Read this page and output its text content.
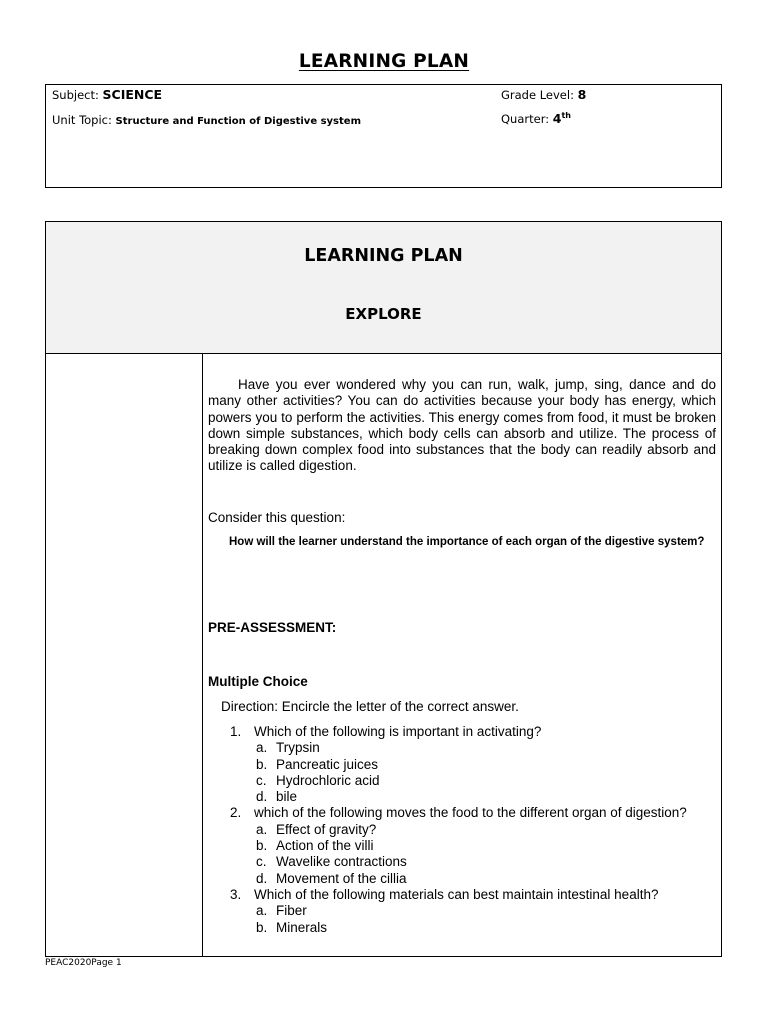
LEARNING PLAN
Subject: SCIENCE	Grade Level: 8
Unit Topic: Structure and Function of Digestive system	Quarter: 4th
LEARNING PLAN
EXPLORE

Have you ever wondered why you can run, walk, jump, sing, dance and do many other activities? You can do activities because your body has energy, which powers you to perform the activities. This energy comes from food, it must be broken down simple substances, which body cells can absorb and utilize. The process of breaking down complex food into substances that the body can readily absorb and utilize is called digestion.

Consider this question:

How will the learner understand the importance of each organ of the digestive system?

PRE-ASSESSMENT:

Multiple Choice

Direction: Encircle the letter of the correct answer.

1. Which of the following is important in activating?
a. Trypsin
b. Pancreatic juices
c. Hydrochloric acid
d. bile
2. which of the following moves the food to the different organ of digestion?
a. Effect of gravity?
b. Action of the villi
c. Wavelike contractions
d. Movement of the cillia
3. Which of the following materials can best maintain intestinal health?
a. Fiber
b. Minerals
PEAC2020Page 1
